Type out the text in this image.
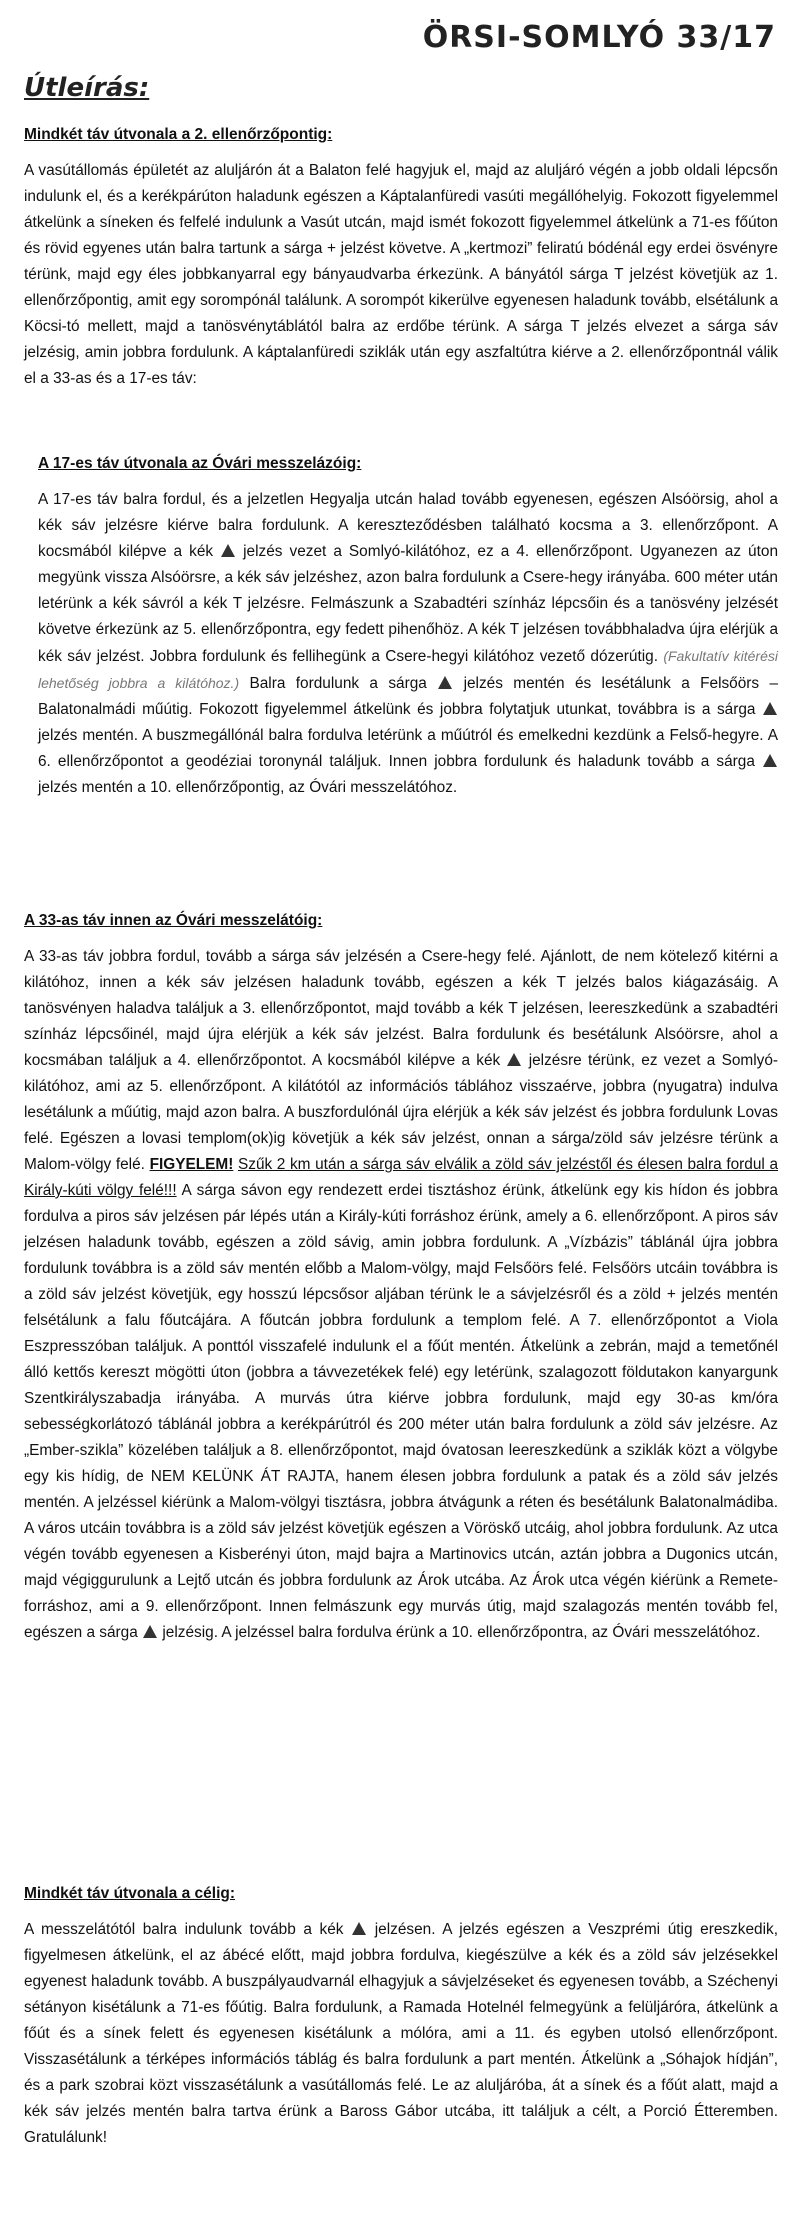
ÖRSI-SOMLYÓ 33/17
Útleírás:

Mindkét táv útvonala a 2. ellenőrzőpontig:

A vasútállomás épületét az aluljárón át a Balaton felé hagyjuk el, majd az aluljáró végén a jobb oldali lépcsőn indulunk el, és a kerékpárúton haladunk egészen a Káptalanfüredi vasúti megállóhelyig. Fokozott figyelemmel átkelünk a síneken és felfelé indulunk a Vasút utcán, majd ismét fokozott figyelemmel átkelünk a 71-es főúton és rövid egyenes után balra tartunk a sárga + jelzést követve. A „kertmozi” feliratú bódénál egy erdei ösvényre térünk, majd egy éles jobbkanyarral egy bányaudvarba érkezünk. A bányától sárga T jelzést követjük az 1. ellenőrzőpontig, amit egy sorompónál találunk. A sorompót kikerülve egyenesen haladunk tovább, elsétálunk a Köcsi-tó mellett, majd a tanösvénytáblától balra az erdőbe térünk. A sárga T jelzés elvezet a sárga sáv jelzésig, amin jobbra fordulunk. A káptalanfüredi sziklák után egy aszfaltútra kiérve a 2. ellenőrzőpontnál válik el a 33-as és a 17-es táv:

A 17-es táv útvonala az Óvári messzelázóig:

A 17-es táv balra fordul, és a jelzetlen Hegyalja utcán halad tovább egyenesen, egészen Alsóörsig, ahol a kék sáv jelzésre kiérve balra fordulunk. A kereszteződésben található kocsma a 3. ellenőrzőpont. A kocsmából kilépve a kék jelzés vezet a Somlyó-kilátóhoz, ez a 4. ellenőrzőpont. Ugyanezen az úton megyünk vissza Alsóörsre, a kék sáv jelzéshez, azon balra fordulunk a Csere-hegy irányába. 600 méter után letérünk a kék sávról a kék T jelzésre. Felmászunk a Szabadtéri színház lépcsőin és a tanösvény jelzését követve érkezünk az 5. ellenőrzőpontra, egy fedett pihenőhöz. A kék T jelzésen továbbhaladva újra elérjük a kék sáv jelzést. Jobbra fordulunk és fellihegünk a Csere-hegyi kilátóhoz vezető dózerútig. (Fakultatív kitérési lehetőség jobbra a kilátóhoz.) Balra fordulunk a sárga jelzés mentén és lesétálunk a Felsőörs – Balatonalmádi műútig. Fokozott figyelemmel átkelünk és jobbra folytatjuk utunkat, továbbra is a sárga  jelzés mentén. A buszmegállónál balra fordulva letérünk a műútról és emelkedni kezdünk a Felső-hegyre. A 6. ellenőrzőpontot a geodéziai toronynál találjuk. Innen jobbra fordulunk és haladunk tovább a sárga  jelzés mentén a 10. ellenőrzőpontig, az Óvári messzelátóhoz.

A 33-as táv innen az Óvári messzelátóig:

A 33-as táv jobbra fordul, tovább a sárga sáv jelzésén a Csere-hegy felé. Ajánlott, de nem kötelező kitérni a kilátóhoz, innen a kék sáv jelzésen haladunk tovább, egészen a kék T jelzés balos kiágazásáig. A tanösvényen haladva találjuk a 3. ellenőrzőpontot, majd tovább a kék T jelzésen, leereszkedünk a szabadtéri színház lépcsőinél, majd újra elérjük a kék sáv jelzést. Balra fordulunk és besétálunk Alsóörsre, ahol a kocsmában találjuk a 4. ellenőrzőpontot. A kocsmából kilépve a kék jelzésre térünk, ez vezet a Somlyó-kilátóhoz, ami az 5. ellenőrzőpont. A kilátótól az információs táblához visszaérve, jobbra (nyugatra) indulva lesétálunk a műútig, majd azon balra. A buszfordulónál újra elérjük a kék sáv jelzést és jobbra fordulunk Lovas felé. Egészen a lovasi templom(ok)ig követjük a kék sáv jelzést, onnan a sárga/zöld sáv jelzésre térünk a Malom-völgy felé. FIGYELEM! Szűk 2 km után a sárga sáv elválik a zöld sáv jelzéstől és élesen balra fordul a Király-kúti völgy felé!!! A sárga sávon egy rendezett erdei tisztáshoz érünk, átkelünk egy kis hídon és jobbra fordulva a piros sáv jelzésen pár lépés után a Király-kúti forráshoz érünk, amely a 6. ellenőrzőpont. A piros sáv jelzésen haladunk tovább, egészen a zöld sávig, amin jobbra fordulunk. A „Vízbázis” táblánál újra jobbra fordulunk továbbra is a zöld sáv mentén előbb a Malom-völgy, majd Felsőörs felé. Felsőörs utcáin továbbra is a zöld sáv jelzést követjük, egy hosszú lépcsősor aljában térünk le a sávjelzésről és a zöld + jelzés mentén felsétálunk a falu főutcájára. A főutcán jobbra fordulunk a templom felé. A 7. ellenőrzőpontot a Viola Eszpresszóban találjuk. A ponttól visszafelé indulunk el a főút mentén. Átkelünk a zebrán, majd a temetőnél álló kettős kereszt mögötti úton (jobbra a távvezetékek felé) egy letérünk, szalagozott földutakon kanyargunk Szentkirályszabadja irányába. A murvás útra kiérve jobbra fordulunk, majd egy 30-as km/óra sebességkorlátozó táblánál jobbra a kerékpárútról és 200 méter után balra fordulunk a zöld sáv jelzésre. Az „Ember-szikla” közelében találjuk a 8. ellenőrzőpontot, majd óvatosan leereszkedünk a sziklák közt a völgybe egy kis hídig, de NEM KELÜNK ÁT RAJTA, hanem élesen jobbra fordulunk a patak és a zöld sáv jelzés mentén. A jelzéssel kiérünk a Malom-völgyi tisztásra, jobbra átvágunk a réten és besétálunk Balatonalmádiba. A város utcáin továbbra is a zöld sáv jelzést követjük egészen a Vöröskő utcáig, ahol jobbra fordulunk. Az utca végén tovább egyenesen a Kisberényi úton, majd bajra a Martinovics utcán, aztán jobbra a Dugonics utcán, majd végiggurulunk a Lejtő utcán és jobbra fordulunk az Árok utcába. Az Árok utca végén kiérünk a Remete-forráshoz, ami a 9. ellenőrzőpont. Innen felmászunk egy murvás útig, majd szalagozás mentén tovább fel, egészen a sárga jelzésig. A jelzéssel balra fordulva érünk a 10. ellenőrzőpontra, az Óvári messzelátóhoz.

Mindkét táv útvonala a célig:

A messzelátótól balra indulunk tovább a kék jelzésen. A jelzés egészen a Veszprémi útig ereszkedik, figyelmesen átkelünk, el az ábécé előtt, majd jobbra fordulva, kiegészülve a kék és a zöld sáv jelzésekkel egyenest haladunk tovább. A buszpályaudvarnál elhagyjuk a sávjelzéseket és egyenesen tovább, a Széchenyi sétányon kisétálunk a 71-es főútig. Balra fordulunk, a Ramada Hotelnél felmegyünk a felüljáróra, átkelünk a főút és a sínek felett és egyenesen kisétálunk a mólóra, ami a 11. és egyben utolsó ellenőrzőpont. Visszasétálunk a térképes információs táblág és balra fordulunk a part mentén. Átkelünk a „Sóhajok hídján”, és a park szobrai közt visszasétálunk a vasútállomás felé. Le az aluljáróba, át a sínek és a főút alatt, majd a kék sáv jelzés mentén balra tartva érünk a Baross Gábor utcába, itt találjuk a célt, a Porció Étteremben. Gratulálunk!
